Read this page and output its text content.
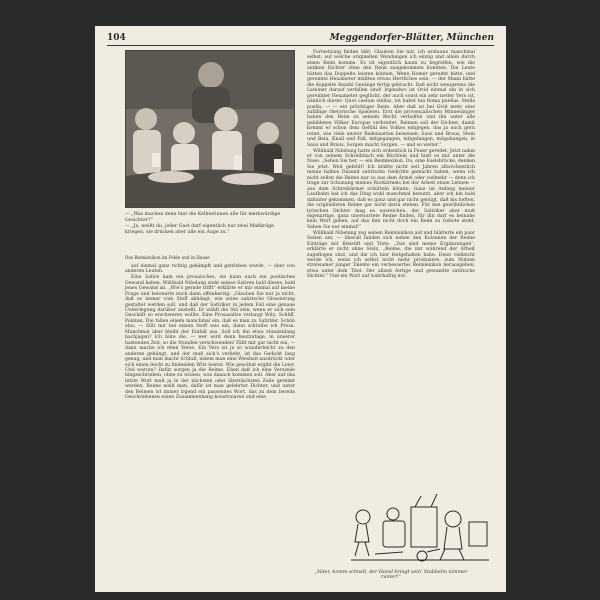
104	Meggendorfer-Blätter, München

— „Was machen denn hier die Kellnerinnen alle für merkwürdige Gesichter?“

— „Ja, weißt du, jeder Gast darf eigentlich nur zwei Maßkrüge kriegen, sie drücken aber alle ein Auge zu.“

Das Reimlexikon im Felde und in Hause

auf einmal ganz richtig gekämpft und getrieben wurde, — aber von anderen Leuten.

Eine Satire kam ein prosaisches, sie kann auch ein poetisches Gewand haben. Willibald Nibelung zieht seinen Satiren bald dieses, bald jenes Gewand an. „Wie's gerade trifft“ erklärte er mir einmal auf meine Frage und beteuerte mich dann offenherzig: „Glauben Sie nur ja nicht, daß es immer vom Stoff abhängt, wie seine satirische Glossierung gestaltet werden soll, und daß der Satiriker in jedem Fall eine genaue Ueberlegung darüber anstellt. Er wählt die Stil sein, wenn er sich sein Geschäft so erschweren wollte. Eine Prosasatire verlangt Witz, Schliff, Pointen. Die fallen einem manchmal ein, daß es man zu Satirifer. Schön also, — fällt mir bei einem Stoff was ein, dann schreibe ich Prosa. Manchmal aber bleibt der Einfall aus. Soll ich ihn etwa stundenlang nachjagen? Ich hüte die, — wer wird denn heutzutage, in unserer hastenden Zeit, so die Stunden verschwenden! Fällt mir gar nicht ein, — dann mache ich eben Verse. Ein Vers ist ja so wunderleicht zu den anderen gehängt, und der muß sich's verliebt, ist das Gedicht lang genug, und man macht Schluß, indem man eine Weisheit ausdrückt oder sich einen leicht zu findenden Witz leistet. Wie gewöhnt ergibt die Leier. Und warum? Dafür sorgen ja die Reime. Eben daß ich eine Verszeile hingeschrieben, ohne zu wissen, was danach kommen soll. Aber auf das letzte Wort muß ja in der nächsten oder übernächsten Zeile gereimt werden. Reime weiß man, dafür ist man gelehrter Dichter, und unter den Reimen ist immer irgend ein passendes Wort, das zu dem bereits Geschriebenen einen Zusammenhang konstruieren und eine

Fortsetzung finden läßt. Glauben Sie mir, ich erstaune manchmal selbst, auf welche originellen Wendungen ich einzig und allein durch einen Reim komme. Es ist eigentlich kaum zu begreifen, wie die antiken Dichter ohne den Reim ausgekommen konnten. Die Leute hätten das Doppelte leisten können. Wenn Homer gereimt hätte, und gereimte Hexameter müßten etwas Herrliches sein, — der Mann hätte die doppelte Anzahl Gesänge fertig gebracht. Daß nicht wenigstens die Lateiner darauf verfallen sind! Irgendwo ist Ovid einmal ein in sich gereimter Hexameter geglückt, der auch sonst ein sehr netter Vers ist, nämlich dieser: Quot caelum stellas, tot habet tua Roma puellas. Stella puella, — — ein prächtiger Reim. Aber daß ist bei Ovid mehr eine zufällige rhetorische Spielerei. Erst die provençalischen Minnesänger haben den Reim zu seinem Recht verholfen und ihn unter alle gebildeten Völker Europas verbreitet. Reimen soll der Dichter, damit kommt er schon dem Gefühl des Volkes entgegen, das ja auch gern reimt, wie viele unsrer Redensarten beweisen: Saus und Braus, Stein und Bein, Knall und Fall, mitgegangen, mitgefangen, mitgehangen, in Saus und Braus, Sorgen macht Sorgen, — und so weiter.“

Willibald Nibelung hatte sich ordentlich in Feuer geredet. Jetzt nahm er von seinem Schreibtisch ein Büchlein und hielt es mir unter die Nase. „Sehen Sie her, — ein Reimlexikon. Da, eine Eselsbrücke, denken Sie jetzt. Weit gefehlt! Ich müßte nicht seit Jahren allwöchentlich meine halbes Duzend satirische Gedichte gemacht haben, wenn ich nicht selbst die Reime nur so aus dem Ärmel oder vielmehr — denn ich trage zur Schonung meines Rockärmels bei der Arbeit einen Lehnen — aus dem Schreibärmel schütteln könnte. Ganz im Anfang meiner Laufbahn hat ich das Ding wohl manchmal benutzt, aber ich bin bald dahinter gekommen, daß es ganz und gar nicht genügt, daß bis heften, die originellsten Reime gar nicht darin stehen. Für den gewöhnlichen lyrischen Dichter mag es ausreichen, der Satiriker aber muß eigenartige, ganz unerwartete Reime finden, für ihn darf es beinahe kein Wort geben, auf das ihm nicht doch ein Reim zu Gebote steht. Sehen Sie nur einmal!“

Willibald Nibelung zog seinen Reimlexikon auf und blätterte ein paar Seiten um, — überall fanden sich neben den Kolonnen der Reime Einträge mit Bleistift und Tinte. „Das sind meine Ergänzungen“, erklärte er nicht ohne Stolz, „Reime, die mir während der Arbeit zugeflogen sind, und die ich hier festgehalten habe. Denn vielleicht werde ich, wenn ich selbst nicht mehr produziere, zum Nutzen strebsamer junger Talente ein verbessertes Reimlexikon herausgeben, etwa unter dem Titel: Der allzeit fertige und gewandte satirische Dichter.“ Und ein Wort auf wahrhaftig not.

„Vater, komm schnell, der Hansl bringt sein' Stabbelm nimmer runter!“
